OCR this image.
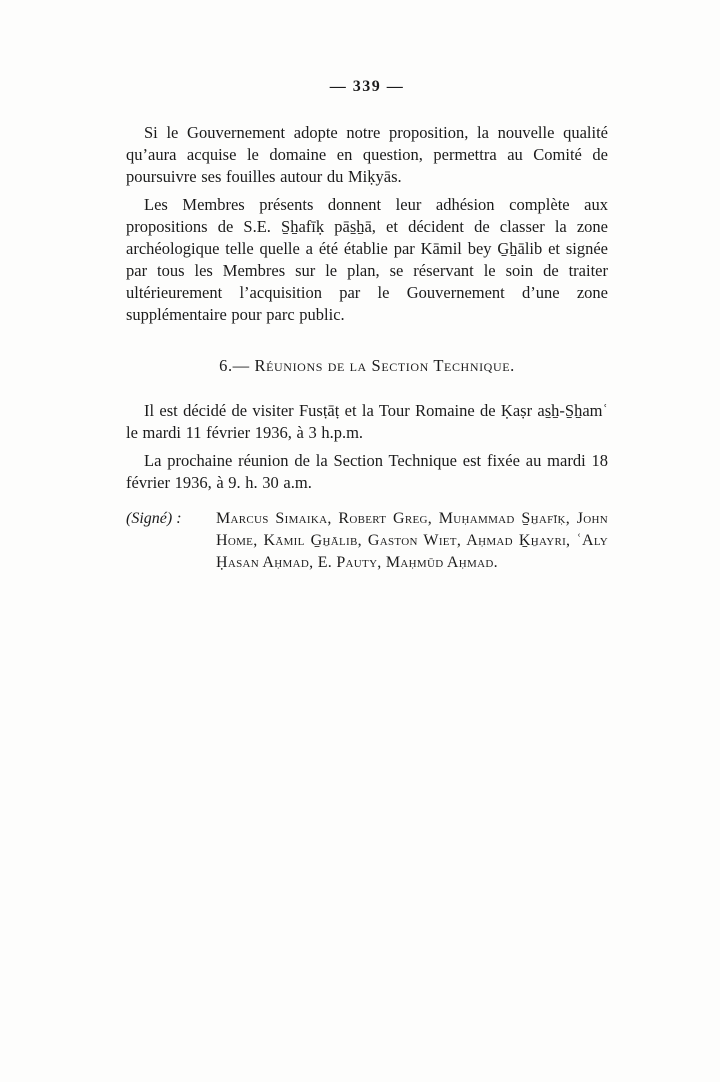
— 339 —

Si le Gouvernement adopte notre proposition, la nouvelle qualité qu’aura acquise le domaine en question, permettra au Comité de poursuivre ses fouilles autour du Miḳyās.

Les Membres présents donnent leur adhésion complète aux propositions de S.E. S̱ẖafīḳ pās̱ẖā, et décident de classer la zone archéologique telle quelle a été établie par Kāmil bey G̱ẖālib et signée par tous les Membres sur le plan, se réservant le soin de traiter ultérieurement l’acquisition par le Gouvernement d’une zone supplémentaire pour parc public.

6.— Réunions de la Section Technique.

Il est décidé de visiter Fusṭāṭ et la Tour Romaine de Ḳaṣr as̱ẖ-S̱ẖamʿ le mardi 11 février 1936, à 3 h.p.m.

La prochaine réunion de la Section Technique est fixée au mardi 18 février 1936, à 9. h. 30 a.m.

(Signé) :	Marcus Simaika, Robert Greg, Muḥammad S̱ẖafīḳ, John Home, Kāmil G̱ẖālib, Gaston Wiet, Aḥmad Ḵẖayri, ʿAly Ḥasan Aḥmad, E. Pauty, Maḥmūd Aḥmad.
